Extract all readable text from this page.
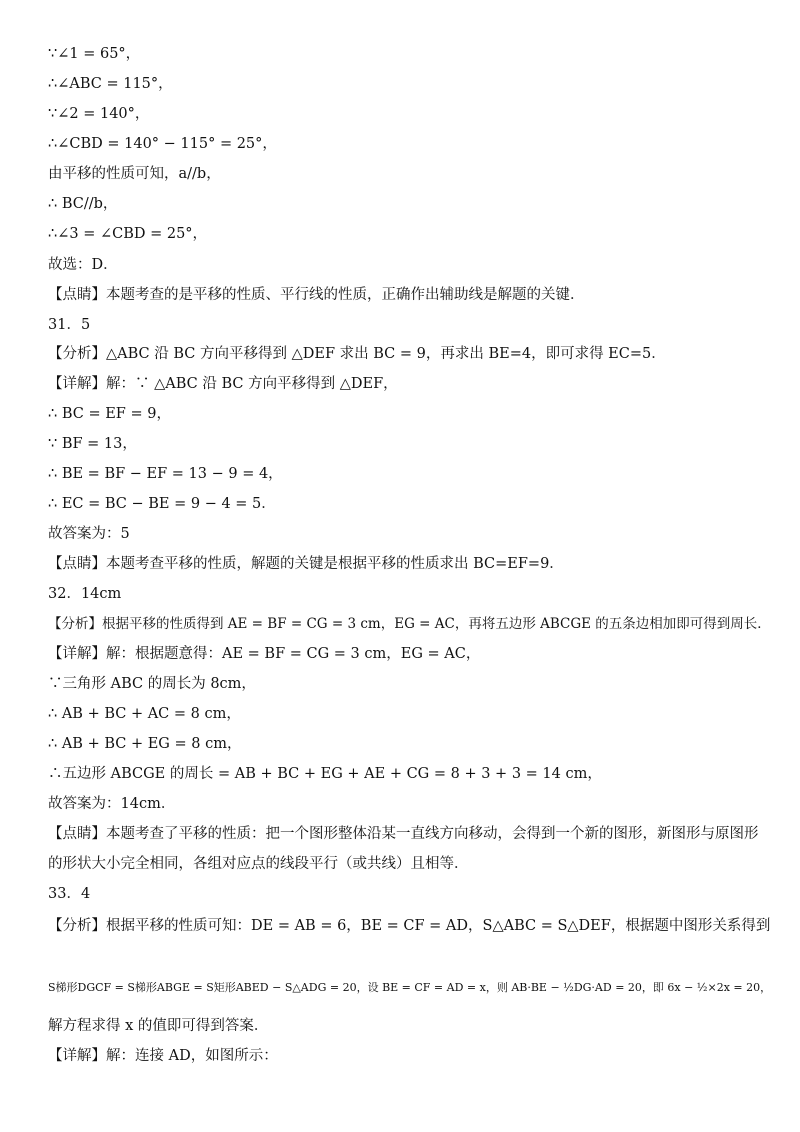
∵∠1 = 65°，
∴∠ABC = 115°，
∵∠2 = 140°，
∴∠CBD = 140° − 115° = 25°，
由平移的性质可知，a//b，
∴ BC//b，
∴∠3 = ∠CBD = 25°，
故选：D．
【点睛】本题考查的是平移的性质、平行线的性质，正确作出辅助线是解题的关键．
31．5
【分析】△ABC 沿 BC 方向平移得到 △DEF 求出 BC = 9，再求出 BE=4，即可求得 EC=5．
【详解】解：∵ △ABC 沿 BC 方向平移得到 △DEF，
∴ BC = EF = 9，
∵ BF = 13，
∴ BE = BF − EF = 13 − 9 = 4，
∴ EC = BC − BE = 9 − 4 = 5．
故答案为：5
【点睛】本题考查平移的性质，解题的关键是根据平移的性质求出 BC=EF=9．
32．14cm
【分析】根据平移的性质得到 AE = BF = CG = 3 cm，EG = AC，再将五边形 ABCGE 的五条边相加即可得到周长．
【详解】解：根据题意得：AE = BF = CG = 3 cm，EG = AC，
∵三角形 ABC 的周长为 8cm，
∴ AB + BC + AC = 8 cm，
∴ AB + BC + EG = 8 cm，
∴五边形 ABCGE 的周长 = AB + BC + EG + AE + CG = 8 + 3 + 3 = 14 cm，
故答案为：14cm．
【点睛】本题考查了平移的性质：把一个图形整体沿某一直线方向移动，会得到一个新的图形，新图形与原图形
的形状大小完全相同，各组对应点的线段平行（或共线）且相等．
33．4
【分析】根据平移的性质可知：DE = AB = 6，BE = CF = AD，S△ABC = S△DEF，根据题中图形关系得到
S梯形DGCF = S梯形ABGE = S矩形ABED − S△ADG = 20，设 BE = CF = AD = x，则 AB·BE − ½DG·AD = 20，即 6x − ½×2x = 20，
解方程求得 x 的值即可得到答案．
【详解】解：连接 AD，如图所示：
